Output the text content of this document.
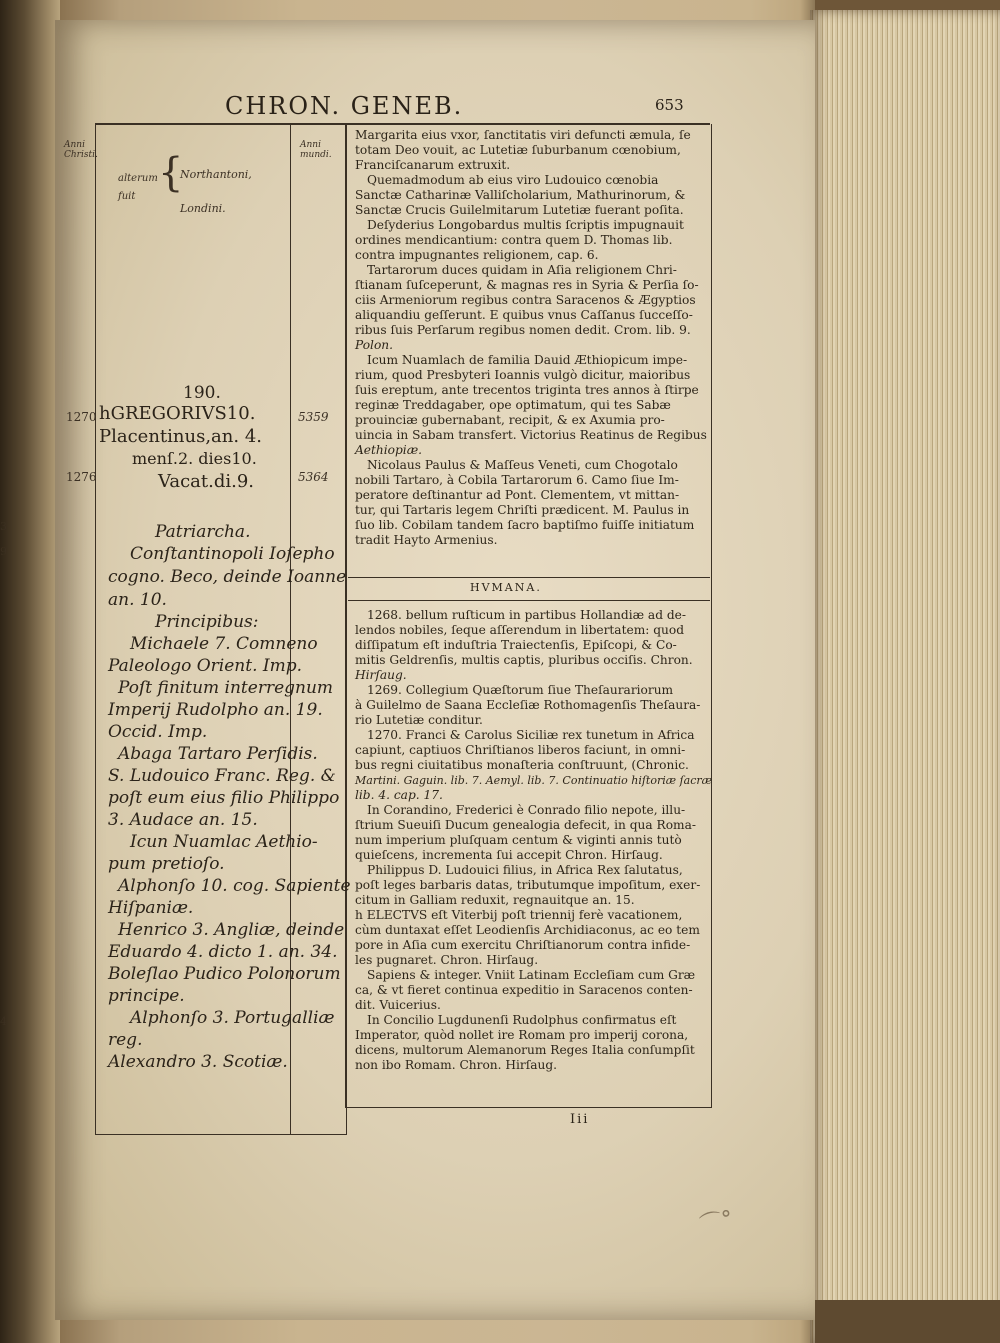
3
9
4
CHRON. GENEB.	653
Anni
Christi.
Anni
mundi.
alterum
fuit
{
Northantoni,
Londini.
1270
1276
5359
5364
190.
hGREGORIVS10.
Placentinus,an. 4.
menſ.2. dies10.
Vacat.di.9.
Patriarcha.
Conſtantinopoli Ioſepho
cogno. Beco, deinde Ioanne
an. 10.
Principibus:
Michaele 7. Comneno
Paleologo Orient. Imp.
Poſt finitum interregnum
Imperij Rudolpho an. 19.
Occid. Imp.
Abaga Tartaro Perſidis.
S. Ludouico Franc. Reg. &
poſt eum eius filio Philippo
3. Audace an. 15.
Icun Nuamlac Aethio-
pum pretioſo.
Alphonſo 10. cog. Sapiente
Hiſpaniæ.
Henrico 3. Angliæ, deinde
Eduardo 4. dicto 1. an. 34.
Boleſlao Pudico Polonorum
principe.
Alphonſo 3. Portugalliæ
reg.
Alexandro 3. Scotiæ.
Margarita eius vxor, ſanctitatis viri defuncti æmula, ſe
totam Deo vouit, ac Lutetiæ ſuburbanum cœnobium,
Franciſcanarum extruxit.
Quemadmodum ab eius viro Ludouico cœnobia
Sanctæ Catharinæ Valliſcholarium, Mathurinorum, &
Sanctæ Crucis Guilelmitarum Lutetiæ fuerant poſita.
Deſyderius Longobardus multis ſcriptis impugnauit
ordines mendicantium: contra quem D. Thomas lib.
contra impugnantes religionem, cap. 6.
Tartarorum duces quidam in Aſia religionem Chri-
ſtianam ſuſceperunt, & magnas res in Syria & Perſia ſo-
ciis Armeniorum regibus contra Saracenos & Ægyptios
aliquandiu geſſerunt. E quibus vnus Caſſanus ſucceſſo-
ribus ſuis Perſarum regibus nomen dedit. Crom. lib. 9.
Polon.
Icum Nuamlach de familia Dauid Æthiopicum impe-
rium, quod Presbyteri Ioannis vulgò dicitur, maioribus
ſuis ereptum, ante trecentos triginta tres annos à ſtirpe
reginæ Treddagaber, ope optimatum, qui tes Sabæ
prouinciæ gubernabant, recipit, & ex Axumia pro-
uincia in Sabam transfert. Victorius Reatinus de Regibus
Aethiopiæ.
Nicolaus Paulus & Maſſeus Veneti, cum Chogotalo
nobili Tartaro, à Cobila Tartarorum 6. Camo ſiue Im-
peratore deſtinantur ad Pont. Clementem, vt mittan-
tur, qui Tartaris legem Chriſti prædicent. M. Paulus in
ſuo lib. Cobilam tandem ſacro baptiſmo fuiſſe initiatum
tradit Hayto Armenius.
HVMANA.
1268. bellum ruſticum in partibus Hollandiæ ad de-
lendos nobiles, ſeque aſſerendum in libertatem: quod
diſſipatum eſt induſtria Traiectenſis, Epiſcopi, & Co-
mitis Geldrenſis, multis captis, pluribus occiſis. Chron.
Hirſaug.
1269. Collegium Quæſtorum ſiue Theſaurariorum
à Guilelmo de Saana Eccleſiæ Rothomagenſis Theſaura-
rio Lutetiæ conditur.
1270. Franci & Carolus Siciliæ rex tunetum in Africa
capiunt, captiuos Chriſtianos liberos faciunt, in omni-
bus regni ciuitatibus monaſteria conſtruunt, (Chronic.
Martini. Gaguin. lib. 7. Aemyl. lib. 7. Continuatio hiſtoriæ ſacræ
lib. 4. cap. 17.
In Corandino, Frederici è Conrado filio nepote, illu-
ſtrium Sueuiſi Ducum genealogia defecit, in qua Roma-
num imperium pluſquam centum & viginti annis tutò
quieſcens, incrementa ſui accepit Chron. Hirſaug.
Philippus D. Ludouici filius, in Africa Rex ſalutatus,
poſt leges barbaris datas, tributumque impoſitum, exer-
citum in Galliam reduxit, regnauitque an. 15.
h ELECTVS eſt Viterbij poſt triennij ferè vacationem,
cùm duntaxat eſſet Leodienſis Archidiaconus, ac eo tem
pore in Aſia cum exercitu Chriſtianorum contra infide-
les pugnaret. Chron. Hirſaug.
Sapiens & integer. Vniit Latinam Eccleſiam cum Græ
ca, & vt fieret continua expeditio in Saracenos conten-
dit. Vuicerius.
In Concilio Lugdunenſi Rudolphus confirmatus eſt
Imperator, quòd nollet ire Romam pro imperij corona,
dicens, multorum Alemanorum Reges Italia conſumpſit
non ibo Romam. Chron. Hirſaug.
Iii
⌒°
